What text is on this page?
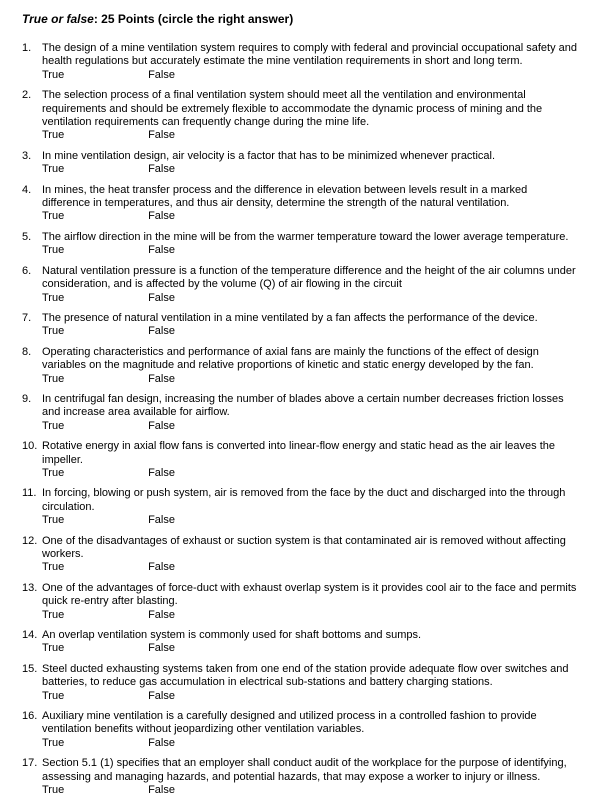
True or false: 25 Points (circle the right answer)
1. The design of a mine ventilation system requires to comply with federal and provincial occupational safety and health regulations but accurately estimate the mine ventilation requirements in short and long term.
True	False
2. The selection process of a final ventilation system should meet all the ventilation and environmental requirements and should be extremely flexible to accommodate the dynamic process of mining and the ventilation requirements can frequently change during the mine life.
True	False
3. In mine ventilation design, air velocity is a factor that has to be minimized whenever practical.
True	False
4. In mines, the heat transfer process and the difference in elevation between levels result in a marked difference in temperatures, and thus air density, determine the strength of the natural ventilation.
True	False
5. The airflow direction in the mine will be from the warmer temperature toward the lower average temperature.
True	False
6. Natural ventilation pressure is a function of the temperature difference and the height of the air columns under consideration, and is affected by the volume (Q) of air flowing in the circuit
True	False
7. The presence of natural ventilation in a mine ventilated by a fan affects the performance of the device.
True	False
8. Operating characteristics and performance of axial fans are mainly the functions of the effect of design variables on the magnitude and relative proportions of kinetic and static energy developed by the fan.
True	False
9. In centrifugal fan design, increasing the number of blades above a certain number decreases friction losses and increase area available for airflow.
True	False
10. Rotative energy in axial flow fans is converted into linear-flow energy and static head as the air leaves the impeller.
True	False
11. In forcing, blowing or push system, air is removed from the face by the duct and discharged into the through circulation.
True	False
12. One of the disadvantages of exhaust or suction system is that contaminated air is removed without affecting workers.
True	False
13. One of the advantages of force-duct with exhaust overlap system is it provides cool air to the face and permits quick re-entry after blasting.
True	False
14. An overlap ventilation system is commonly used for shaft bottoms and sumps.
True	False
15. Steel ducted exhausting systems taken from one end of the station provide adequate flow over switches and batteries, to reduce gas accumulation in electrical sub-stations and battery charging stations.
True	False
16. Auxiliary mine ventilation is a carefully designed and utilized process in a controlled fashion to provide ventilation benefits without jeopardizing other ventilation variables.
True	False
17. Section 5.1 (1) specifies that an employer shall conduct audit of the workplace for the purpose of identifying, assessing and managing hazards, and potential hazards, that may expose a worker to injury or illness.
True	False
